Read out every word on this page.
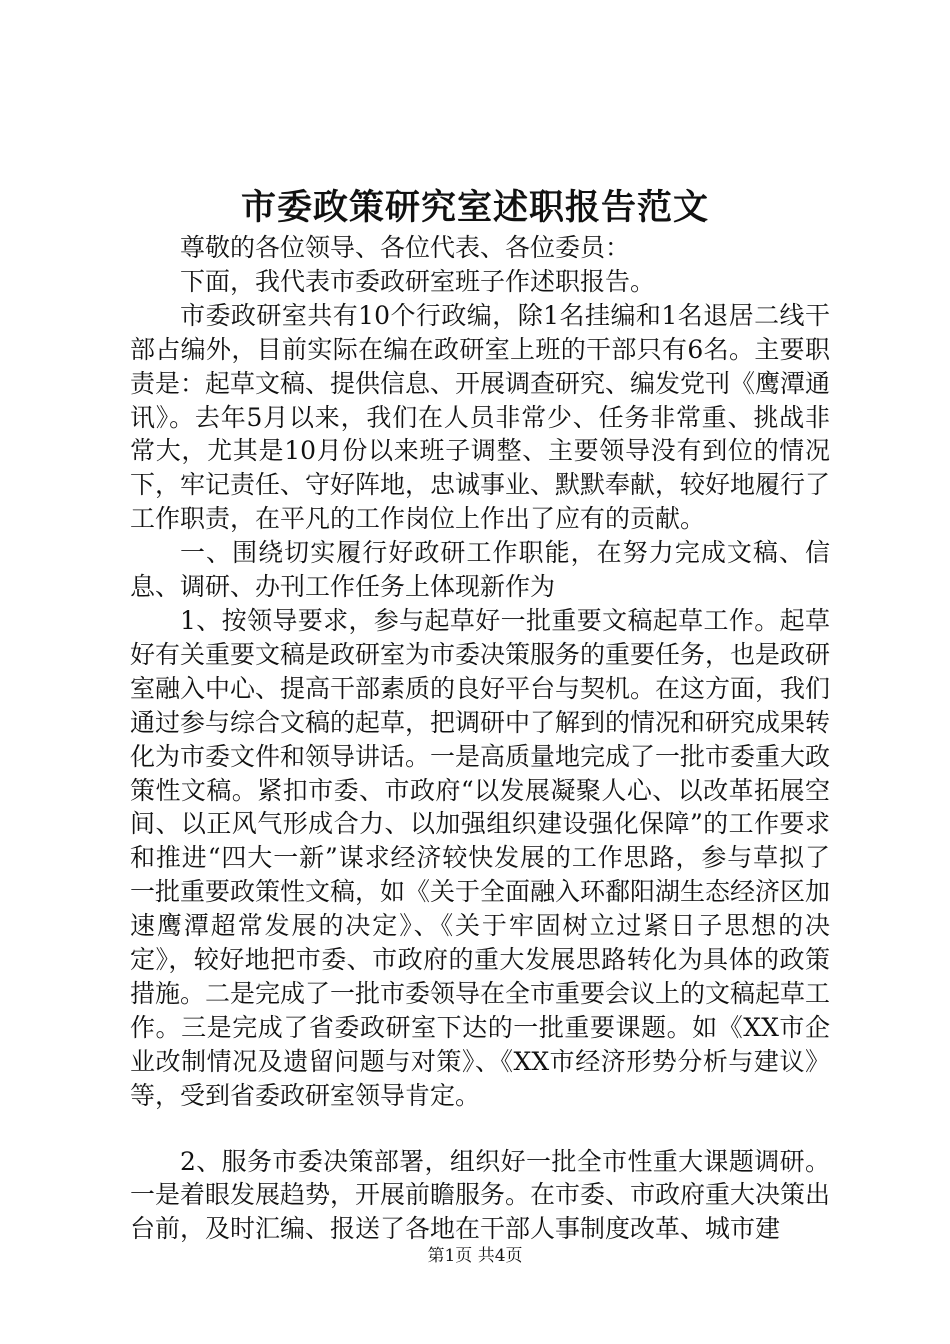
市委政策研究室述职报告范文

尊敬的各位领导、各位代表、各位委员：

下面，我代表市委政研室班子作述职报告。

市委政研室共有10个行政编，除1名挂编和1名退居二线干部占编外，目前实际在编在政研室上班的干部只有6名。主要职责是：起草文稿、提供信息、开展调查研究、编发党刊《鹰潭通讯》。去年5月以来，我们在人员非常少、任务非常重、挑战非常大，尤其是10月份以来班子调整、主要领导没有到位的情况下，牢记责任、守好阵地，忠诚事业、默默奉献，较好地履行了工作职责，在平凡的工作岗位上作出了应有的贡献。

一、围绕切实履行好政研工作职能，在努力完成文稿、信息、调研、办刊工作任务上体现新作为

1、按领导要求，参与起草好一批重要文稿起草工作。起草好有关重要文稿是政研室为市委决策服务的重要任务，也是政研室融入中心、提高干部素质的良好平台与契机。在这方面，我们通过参与综合文稿的起草，把调研中了解到的情况和研究成果转化为市委文件和领导讲话。一是高质量地完成了一批市委重大政策性文稿。紧扣市委、市政府“以发展凝聚人心、以改革拓展空间、以正风气形成合力、以加强组织建设强化保障”的工作要求和推进“四大一新”谋求经济较快发展的工作思路，参与草拟了一批重要政策性文稿，如《关于全面融入环鄱阳湖生态经济区加速鹰潭超常发展的决定》、《关于牢固树立过紧日子思想的决定》，较好地把市委、市政府的重大发展思路转化为具体的政策措施。二是完成了一批市委领导在全市重要会议上的文稿起草工作。三是完成了省委政研室下达的一批重要课题。如《XX市企业改制情况及遗留问题与对策》、《XX市经济形势分析与建议》等，受到省委政研室领导肯定。

2、服务市委决策部署，组织好一批全市性重大课题调研。一是着眼发展趋势，开展前瞻服务。在市委、市政府重大决策出台前，及时汇编、报送了各地在干部人事制度改革、城市建

第1页 共4页
